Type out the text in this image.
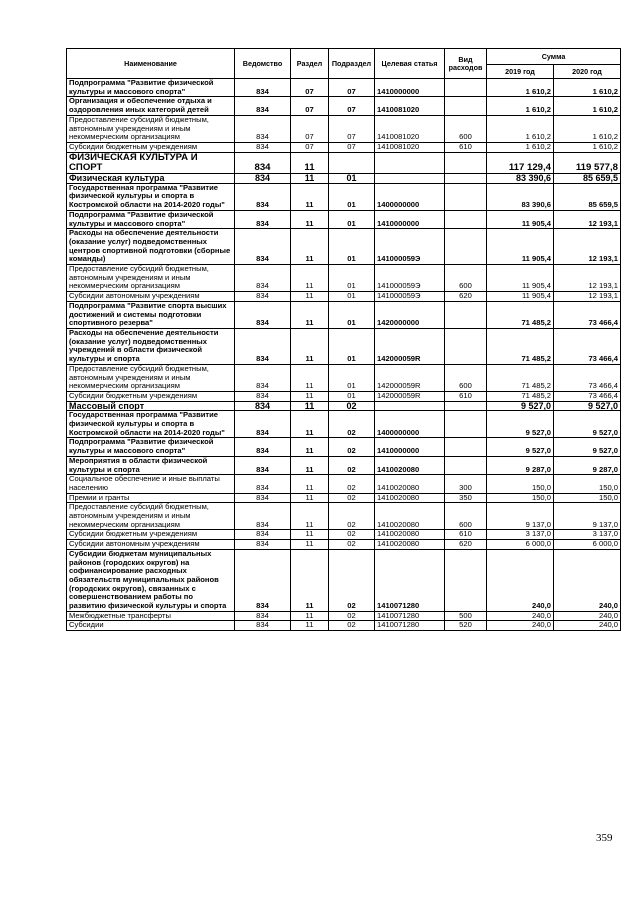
Наименование	Ведомство	Раздел	Подраздел	Целевая статья	Вид расходов	Сумма	
						2019 год	2020 год
Подпрограмма "Развитие физической культуры и массового спорта"	834	07	07	1410000000		1 610,2	1 610,2
Организация и обеспечение отдыха и оздоровления иных категорий детей	834	07	07	1410081020		1 610,2	1 610,2
Предоставление субсидий бюджетным, автономным учреждениям и иным некоммерческим организациям	834	07	07	1410081020	600	1 610,2	1 610,2
Субсидии бюджетным учреждениям	834	07	07	1410081020	610	1 610,2	1 610,2
ФИЗИЧЕСКАЯ КУЛЬТУРА И СПОРТ	834	11				117 129,4	119 577,8
Физическая культура	834	11	01			83 390,6	85 659,5
Государственная программа "Развитие физической культуры и спорта в Костромской области на 2014-2020 годы"	834	11	01	1400000000		83 390,6	85 659,5
Подпрограмма "Развитие физической культуры и массового спорта"	834	11	01	1410000000		11 905,4	12 193,1
Расходы на обеспечение деятельности (оказание услуг) подведомственных центров спортивной подготовки (сборные команды)	834	11	01	141000059Э		11 905,4	12 193,1
Предоставление субсидий бюджетным, автономным учреждениям и иным некоммерческим организациям	834	11	01	141000059Э	600	11 905,4	12 193,1
Субсидии автономным учреждениям	834	11	01	141000059Э	620	11 905,4	12 193,1
Подпрограмма "Развитие спорта высших достижений и системы подготовки спортивного резерва"	834	11	01	1420000000		71 485,2	73 466,4
Расходы на обеспечение деятельности (оказание услуг) подведомственных учреждений в области физической культуры и спорта	834	11	01	142000059R		71 485,2	73 466,4
Предоставление субсидий бюджетным, автономным учреждениям и иным некоммерческим организациям	834	11	01	142000059R	600	71 485,2	73 466,4
Субсидии бюджетным учреждениям	834	11	01	142000059R	610	71 485,2	73 466,4
Массовый спорт	834	11	02			9 527,0	9 527,0
Государственная программа "Развитие физической культуры и спорта в Костромской области на 2014-2020 годы"	834	11	02	1400000000		9 527,0	9 527,0
Подпрограмма "Развитие физической культуры и массового спорта"	834	11	02	1410000000		9 527,0	9 527,0
Мероприятия в области физической культуры и спорта	834	11	02	1410020080		9 287,0	9 287,0
Социальное обеспечение и иные выплаты населению	834	11	02	1410020080	300	150,0	150,0
Премии и гранты	834	11	02	1410020080	350	150,0	150,0
Предоставление субсидий бюджетным, автономным учреждениям и иным некоммерческим организациям	834	11	02	1410020080	600	9 137,0	9 137,0
Субсидии бюджетным учреждениям	834	11	02	1410020080	610	3 137,0	3 137,0
Субсидии автономным учреждениям	834	11	02	1410020080	620	6 000,0	6 000,0
Субсидии бюджетам муниципальных районов (городских округов) на софинансирование расходных обязательств муниципальных районов (городских округов), связанных с совершенствованием работы по развитию физической культуры и спорта	834	11	02	1410071280		240,0	240,0
Межбюджетные трансферты	834	11	02	1410071280	500	240,0	240,0
Субсидии	834	11	02	1410071280	520	240,0	240,0
359
